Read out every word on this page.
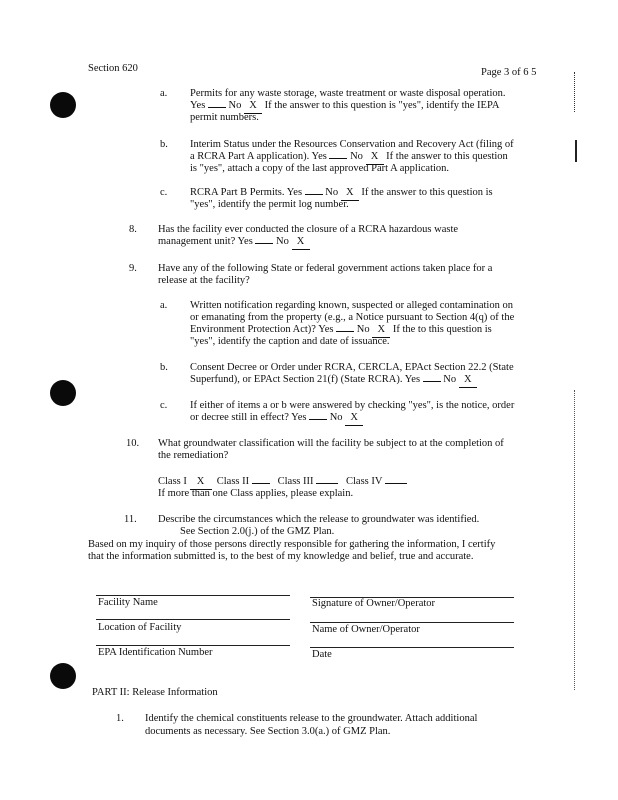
Section 620	Page 3 of 6 5
a. Permits for any waste storage, waste treatment or waste disposal operation.
Yes No X If the answer to this question is "yes", identify the IEPA
permit numbers.
b. Interim Status under the Resources Conservation and Recovery Act (filing of
a RCRA Part A application). Yes No X If the answer to this question
is "yes", attach a copy of the last approved Part A application.
c. RCRA Part B Permits. Yes No X If the answer to this question is
"yes", identify the permit log number.
8. Has the facility ever conducted the closure of a RCRA hazardous waste
management unit? Yes No X
9. Have any of the following State or federal government actions taken place for a
release at the facility?
a. Written notification regarding known, suspected or alleged contamination on
or emanating from the property (e.g., a Notice pursuant to Section 4(q) of the
Environment Protection Act)? Yes No X If the to this question is
"yes", identify the caption and date of issuance.
b. Consent Decree or Order under RCRA, CERCLA, EPAct Section 22.2 (State
Superfund), or EPAct Section 21(f) (State RCRA). Yes No X
c. If either of items a or b were answered by checking "yes", is the notice, order
or decree still in effect? Yes No X
10. What groundwater classification will the facility be subject to at the completion of
the remediation?
Class I X Class II	Class III	Class IV
If more than one Class applies, please explain.
11. Describe the circumstances which the release to groundwater was identified.
See Section 2.0(j.) of the GMZ Plan.
Based on my inquiry of those persons directly responsible for gathering the information, I certify
that the information submitted is, to the best of my knowledge and belief, true and accurate.
Facility Name	Signature of Owner/Operator
Location of Facility	Name of Owner/Operator
EPA Identification Number	Date
PART II: Release Information
1. Identify the chemical constituents release to the groundwater. Attach additional
documents as necessary. See Section 3.0(a.) of GMZ Plan.
